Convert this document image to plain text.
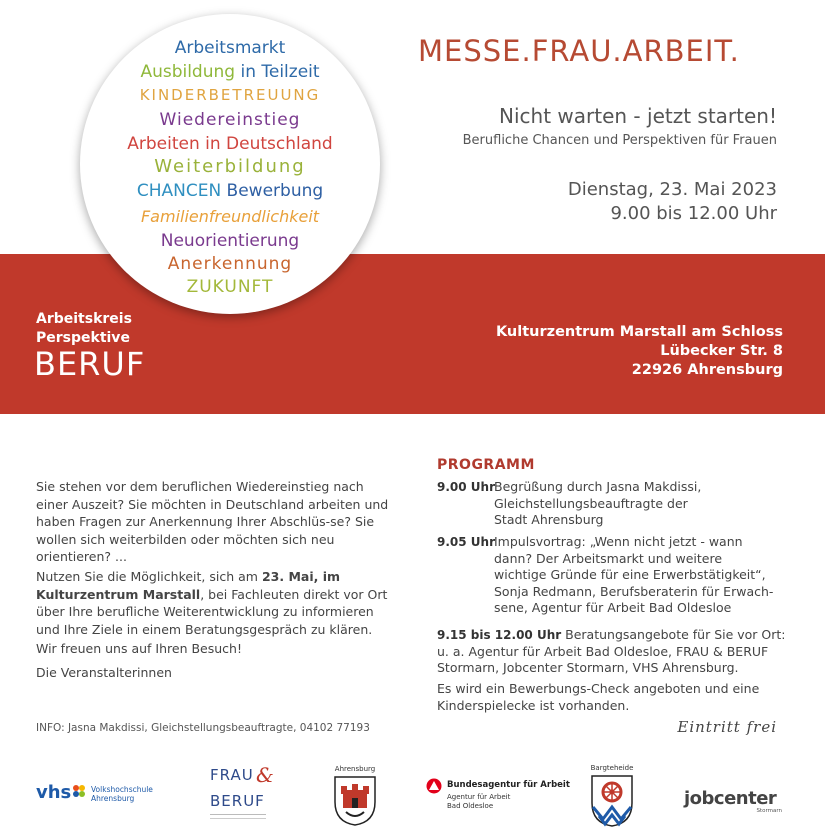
Arbeitsmarkt
Ausbildung in Teilzeit
KINDERBETREUUNG
Wiedereinstieg
Arbeiten in Deutschland
Weiterbildung
CHANCEN Bewerbung
Familienfreundlichkeit
Neuorientierung
Anerkennung
ZUKUNFT
MESSE.FRAU.ARBEIT.
Nicht warten - jetzt starten!
Berufliche Chancen und Perspektiven für Frauen
Dienstag, 23. Mai 2023
9.00 bis 12.00 Uhr
Arbeitskreis
Perspektive
BERUF
Kulturzentrum Marstall am Schloss
Lübecker Str. 8
22926 Ahrensburg
Sie stehen vor dem beruflichen Wiedereinstieg nach einer Auszeit? Sie möchten in Deutschland arbeiten und haben Fragen zur Anerkennung Ihrer Abschlüs-se? Sie wollen sich weiterbilden oder möchten sich neu orientieren? ...
Nutzen Sie die Möglichkeit, sich am 23. Mai, im Kulturzentrum Marstall, bei Fachleuten direkt vor Ort über Ihre berufliche Weiterentwicklung zu informieren und Ihre Ziele in einem Beratungsgespräch zu klären.
Wir freuen uns auf Ihren Besuch!
Die Veranstalterinnen
INFO: Jasna Makdissi, Gleichstellungsbeauftragte, 04102 77193
PROGRAMM
9.00 Uhr Begrüßung durch Jasna Makdissi,
Gleichstellungsbeauftragte der
Stadt Ahrensburg
9.05 Uhr Impulsvortrag: „Wenn nicht jetzt - wann
dann? Der Arbeitsmarkt und weitere
wichtige Gründe für eine Erwerbstätigkeit“,
Sonja Redmann, Berufsberaterin für Erwach-
sene, Agentur für Arbeit Bad Oldesloe
9.15 bis 12.00 Uhr Beratungsangebote für Sie vor Ort:
u. a. Agentur für Arbeit Bad Oldesloe, FRAU & BERUF
Stormarn, Jobcenter Stormarn, VHS Ahrensburg.
Es wird ein Bewerbungs-Check angeboten und eine
Kinderspielecke ist vorhanden.
Eintritt frei
vhs	Volkshochschule
Ahrensburg
FRAU &
BERUF
Ahrensburg
Bundesagentur für Arbeit
Agentur für Arbeit
Bad Oldesloe
Bargteheide
jobcenter
Stormarn
